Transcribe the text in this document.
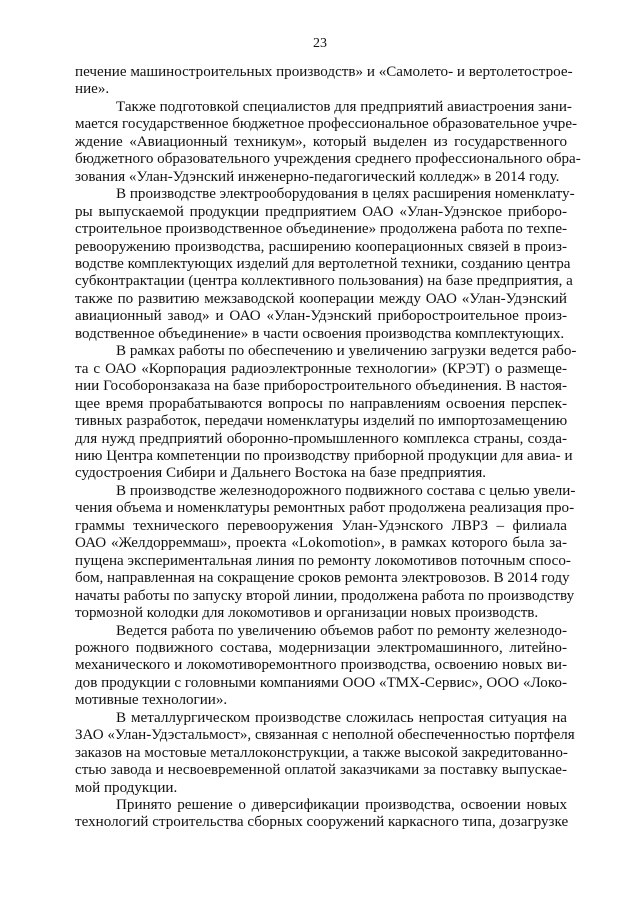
23

печение машиностроительных производств» и «Самолето- и вертолетострое-
ние».

Также подготовкой специалистов для предприятий авиастроения зани-
мается государственное бюджетное профессиональное образовательное учре-
ждение «Авиационный техникум», который выделен из государственного
бюджетного образовательного учреждения среднего профессионального обра-
зования «Улан-Удэнский инженерно-педагогический колледж» в 2014 году.

В производстве электрооборудования в целях расширения номенклату-
ры выпускаемой продукции предприятием ОАО «Улан-Удэнское приборо-
строительное производственное объединение» продолжена работа по техпе-
ревооружению производства, расширению кооперационных связей в произ-
водстве комплектующих изделий для вертолетной техники, созданию центра
субконтрактации (центра коллективного пользования) на базе предприятия, а
также по развитию межзаводской кооперации между ОАО «Улан-Удэнский
авиационный завод» и ОАО «Улан-Удэнский приборостроительное произ-
водственное объединение» в части освоения производства комплектующих.

В рамках работы по обеспечению и увеличению загрузки ведется рабо-
та с ОАО «Корпорация радиоэлектронные технологии» (КРЭТ) о размеще-
нии Гособоронзаказа на базе приборостроительного объединения. В настоя-
щее время прорабатываются вопросы по направлениям освоения перспек-
тивных разработок, передачи номенклатуры изделий по импортозамещению
для нужд предприятий оборонно-промышленного комплекса страны, созда-
нию Центра компетенции по производству приборной продукции для авиа- и
судостроения Сибири и Дальнего Востока на базе предприятия.

В производстве железнодорожного подвижного состава с целью увели-
чения объема и номенклатуры ремонтных работ продолжена реализация про-
граммы технического перевооружения Улан-Удэнского ЛВРЗ – филиала
ОАО «Желдорреммаш», проекта «Lokomotion», в рамках которого была за-
пущена экспериментальная линия по ремонту локомотивов поточным спосо-
бом, направленная на сокращение сроков ремонта электровозов. В 2014 году
начаты работы по запуску второй линии, продолжена работа по производству
тормозной колодки для локомотивов и организации новых производств.

Ведется работа по увеличению объемов работ по ремонту железнодо-
рожного подвижного состава, модернизации электромашинного, литейно-
механического и локомотиворемонтного производства, освоению новых ви-
дов продукции с головными компаниями ООО «ТМХ-Сервис», ООО «Локо-
мотивные технологии».

В металлургическом производстве сложилась непростая ситуация на
ЗАО «Улан-Удэстальмост», связанная с неполной обеспеченностью портфеля
заказов на мостовые металлоконструкции, а также высокой закредитованно-
стью завода и несвоевременной оплатой заказчиками за поставку выпускае-
мой продукции.

Принято решение о диверсификации производства, освоении новых
технологий строительства сборных сооружений каркасного типа, дозагрузке
